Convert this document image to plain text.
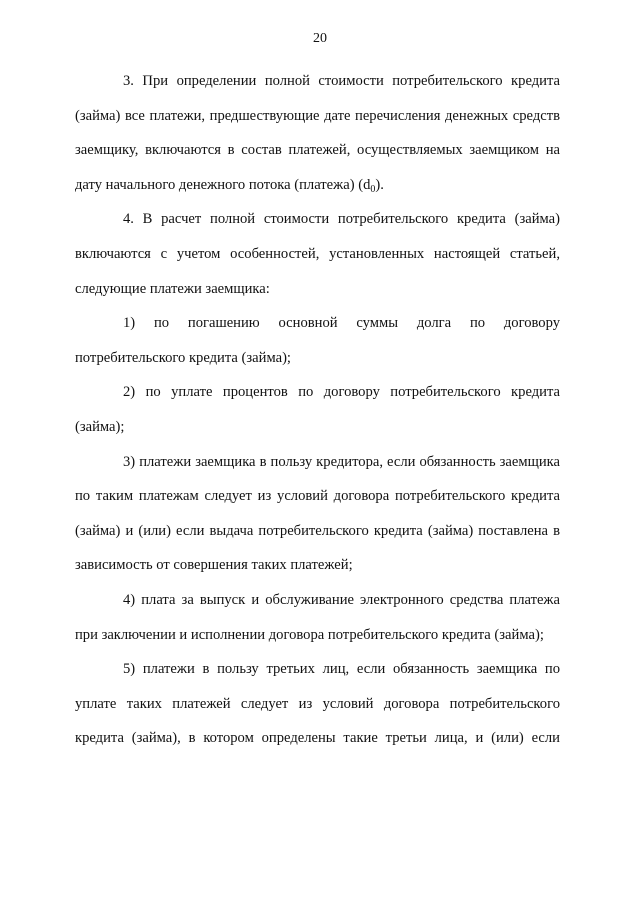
20

3. При определении полной стоимости потребительского кредита (займа) все платежи, предшествующие дате перечисления денежных средств заемщику, включаются в состав платежей, осуществляемых заемщиком на дату начального денежного потока (платежа) $(d_0)$.

4. В расчет полной стоимости потребительского кредита (займа) включаются с учетом особенностей, установленных настоящей статьей, следующие платежи заемщика:

1) по погашению основной суммы долга по договору потребительского кредита (займа);

2) по уплате процентов по договору потребительского кредита (займа);

3) платежи заемщика в пользу кредитора, если обязанность заемщика по таким платежам следует из условий договора потребительского кредита (займа) и (или) если выдача потребительского кредита (займа) поставлена в зависимость от совершения таких платежей;

4) плата за выпуск и обслуживание электронного средства платежа при заключении и исполнении договора потребительского кредита (займа);

5) платежи в пользу третьих лиц, если обязанность заемщика по уплате таких платежей следует из условий договора потребительского кредита (займа), в котором определены такие третьи лица, и (или) если
